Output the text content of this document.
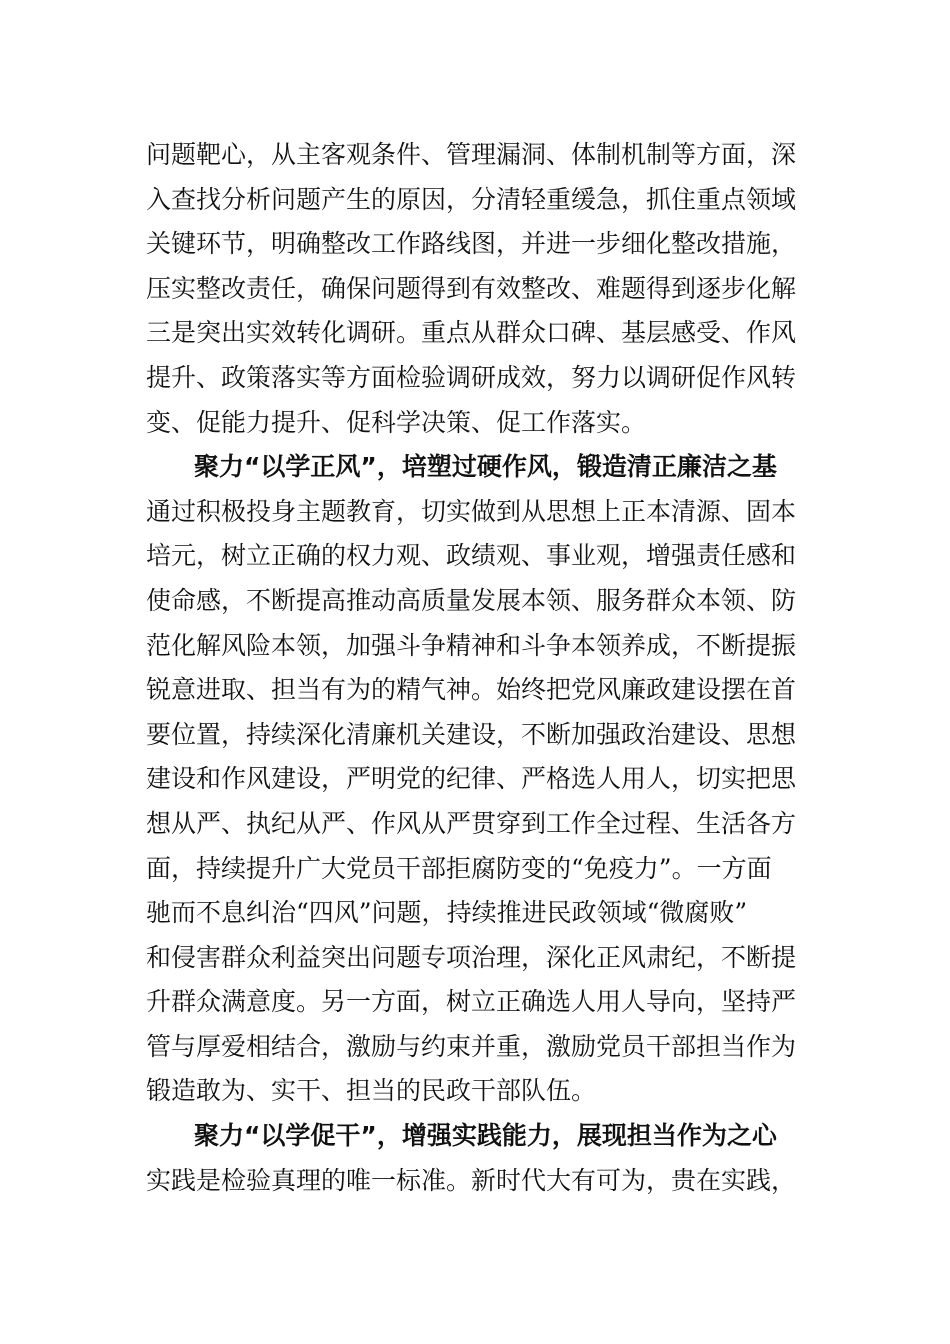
问题靶心，从主客观条件、管理漏洞、体制机制等方面，深
入查找分析问题产生的原因，分清轻重缓急，抓住重点领域
关键环节，明确整改工作路线图，并进一步细化整改措施，
压实整改责任，确保问题得到有效整改、难题得到逐步化解
三是突出实效转化调研。重点从群众口碑、基层感受、作风
提升、政策落实等方面检验调研成效，努力以调研促作风转
变、促能力提升、促科学决策、促工作落实。
聚力“以学正风”，培塑过硬作风，锻造清正廉洁之基
通过积极投身主题教育，切实做到从思想上正本清源、固本
培元，树立正确的权力观、政绩观、事业观，增强责任感和
使命感，不断提高推动高质量发展本领、服务群众本领、防
范化解风险本领，加强斗争精神和斗争本领养成，不断提振
锐意进取、担当有为的精气神。始终把党风廉政建设摆在首
要位置，持续深化清廉机关建设，不断加强政治建设、思想
建设和作风建设，严明党的纪律、严格选人用人，切实把思
想从严、执纪从严、作风从严贯穿到工作全过程、生活各方
面，持续提升广大党员干部拒腐防变的“免疫力”。一方面
驰而不息纠治“四风”问题，持续推进民政领域“微腐败”
和侵害群众利益突出问题专项治理，深化正风肃纪，不断提
升群众满意度。另一方面，树立正确选人用人导向，坚持严
管与厚爱相结合，激励与约束并重，激励党员干部担当作为
锻造敢为、实干、担当的民政干部队伍。
聚力“以学促干”，增强实践能力，展现担当作为之心
实践是检验真理的唯一标准。新时代大有可为，贵在实践，
